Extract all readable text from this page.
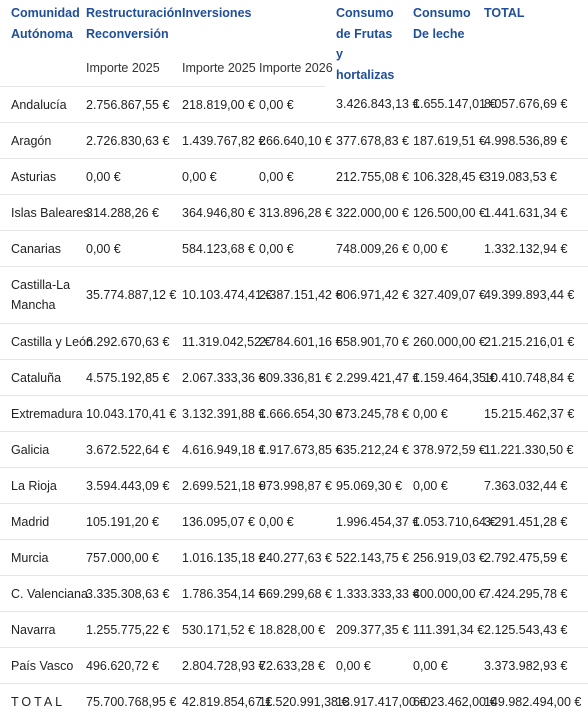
Comunidad Autónoma	Restructuración Reconversión	Inversiones		Consumo de Frutas y hortalizas	Consumo De leche	TOTAL
	Importe 2025	Importe 2025	Importe 2026			
Andalucía	2.756.867,55 €	218.819,00 €	0,00 €	3.426.843,13 €	1.655.147,01 €	8.057.676,69 €
Aragón	2.726.830,63 €	1.439.767,82 €	266.640,10 €	377.678,83 €	187.619,51 €	4.998.536,89 €
Asturias	0,00 €	0,00 €	0,00 €	212.755,08 €	106.328,45 €	319.083,53 €
Islas Baleares	314.288,26 €	364.946,80 €	313.896,28 €	322.000,00 €	126.500,00 €	1.441.631,34 €
Canarias	0,00 €	584.123,68 €	0,00 €	748.009,26 €	0,00 €	1.332.132,94 €
Castilla-La Mancha	35.774.887,12 €	10.103.474,41 €	2.387.151,42 €	806.971,42 €	327.409,07 €	49.399.893,44 €
Castilla y León	6.292.670,63 €	11.319.042,52 €	2.784.601,16 €	558.901,70 €	260.000,00 €	21.215.216,01 €
Cataluña	4.575.192,85 €	2.067.333,36 €	309.336,81 €	2.299.421,47 €	1.159.464,35 €	10.410.748,84 €
Extremadura	10.043.170,41 €	3.132.391,88 €	1.666.654,30 €	373.245,78 €	0,00 €	15.215.462,37 €
Galicia	3.672.522,64 €	4.616.949,18 €	1.917.673,85 €	635.212,24 €	378.972,59 €	11.221.330,50 €
La Rioja	3.594.443,09 €	2.699.521,18 €	973.998,87 €	95.069,30 €	0,00 €	7.363.032,44 €
Madrid	105.191,20 €	136.095,07 €	0,00 €	1.996.454,37 €	1.053.710,64 €	3.291.451,28 €
Murcia	757.000,00 €	1.016.135,18 €	240.277,63 €	522.143,75 €	256.919,03 €	2.792.475,59 €
C. Valenciana	3.335.308,63 €	1.786.354,14 €	569.299,68 €	1.333.333,33 €	400.000,00 €	7.424.295,78 €
Navarra	1.255.775,22 €	530.171,52 €	18.828,00 €	209.377,35 €	111.391,34 €	2.125.543,43 €
País Vasco	496.620,72 €	2.804.728,93 €	72.633,28 €	0,00 €	0,00 €	3.373.982,93 €
TOTAL	75.700.768,95 €	42.819.854,67 €	11.520.991,38 €	13.917.417,00 €	6.023.462,00 €	149.982.494,00 €
